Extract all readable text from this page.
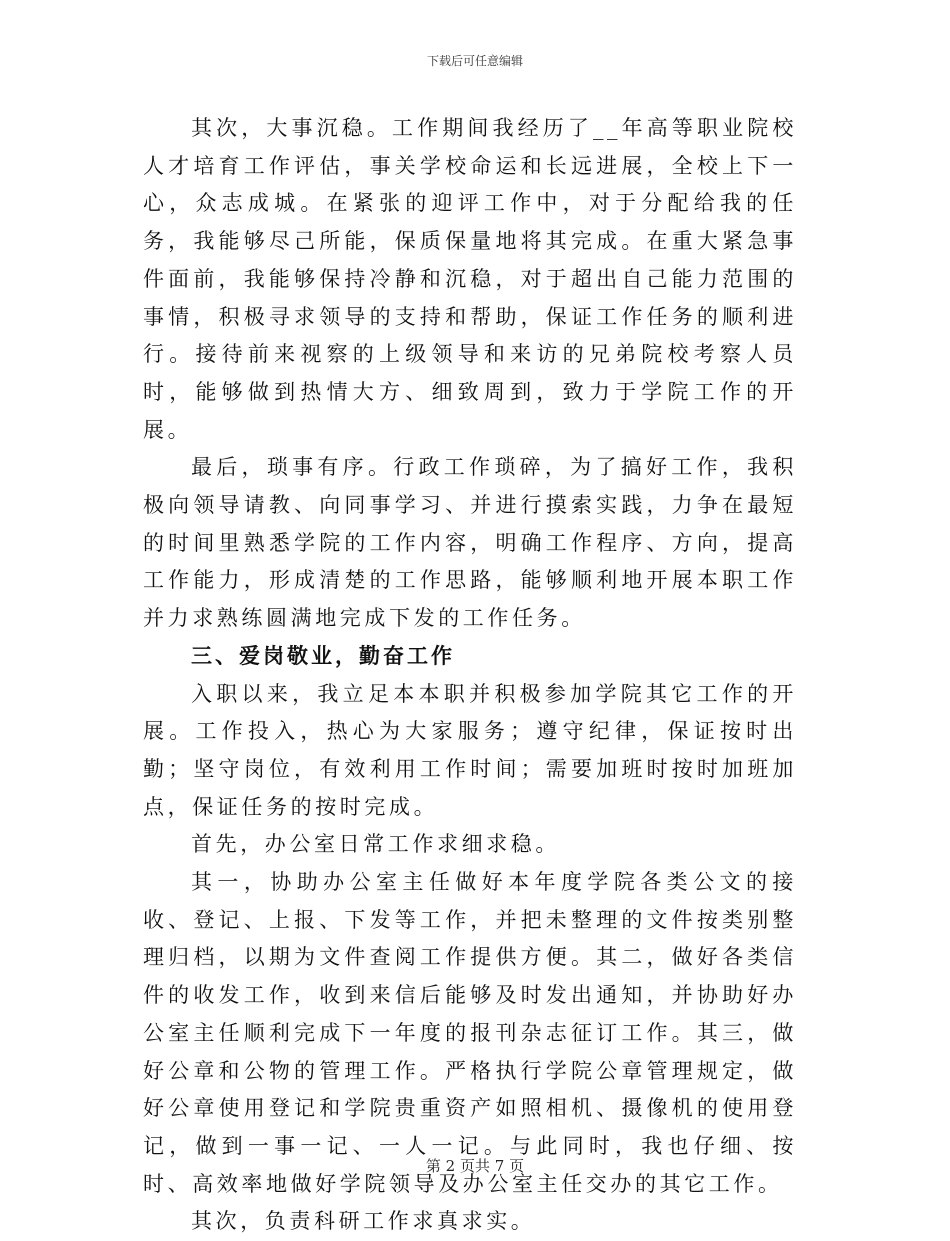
下载后可任意编辑

其次，大事沉稳。工作期间我经历了__年高等职业院校人才培育工作评估，事关学校命运和长远进展，全校上下一心，众志成城。在紧张的迎评工作中，对于分配给我的任务，我能够尽己所能，保质保量地将其完成。在重大紧急事件面前，我能够保持冷静和沉稳，对于超出自己能力范围的事情，积极寻求领导的支持和帮助，保证工作任务的顺利进行。接待前来视察的上级领导和来访的兄弟院校考察人员时，能够做到热情大方、细致周到，致力于学院工作的开展。

最后，琐事有序。行政工作琐碎，为了搞好工作，我积极向领导请教、向同事学习、并进行摸索实践，力争在最短的时间里熟悉学院的工作内容，明确工作程序、方向，提高工作能力，形成清楚的工作思路，能够顺利地开展本职工作并力求熟练圆满地完成下发的工作任务。

三、爱岗敬业，勤奋工作

入职以来，我立足本本职并积极参加学院其它工作的开展。工作投入，热心为大家服务；遵守纪律，保证按时出勤；坚守岗位，有效利用工作时间；需要加班时按时加班加点，保证任务的按时完成。

首先，办公室日常工作求细求稳。

其一，协助办公室主任做好本年度学院各类公文的接收、登记、上报、下发等工作，并把未整理的文件按类别整理归档，以期为文件查阅工作提供方便。其二，做好各类信件的收发工作，收到来信后能够及时发出通知，并协助好办公室主任顺利完成下一年度的报刊杂志征订工作。其三，做好公章和公物的管理工作。严格执行学院公章管理规定，做好公章使用登记和学院贵重资产如照相机、摄像机的使用登记，做到一事一记、一人一记。与此同时，我也仔细、按时、高效率地做好学院领导及办公室主任交办的其它工作。

其次，负责科研工作求真求实。

第 2 页共 7 页
